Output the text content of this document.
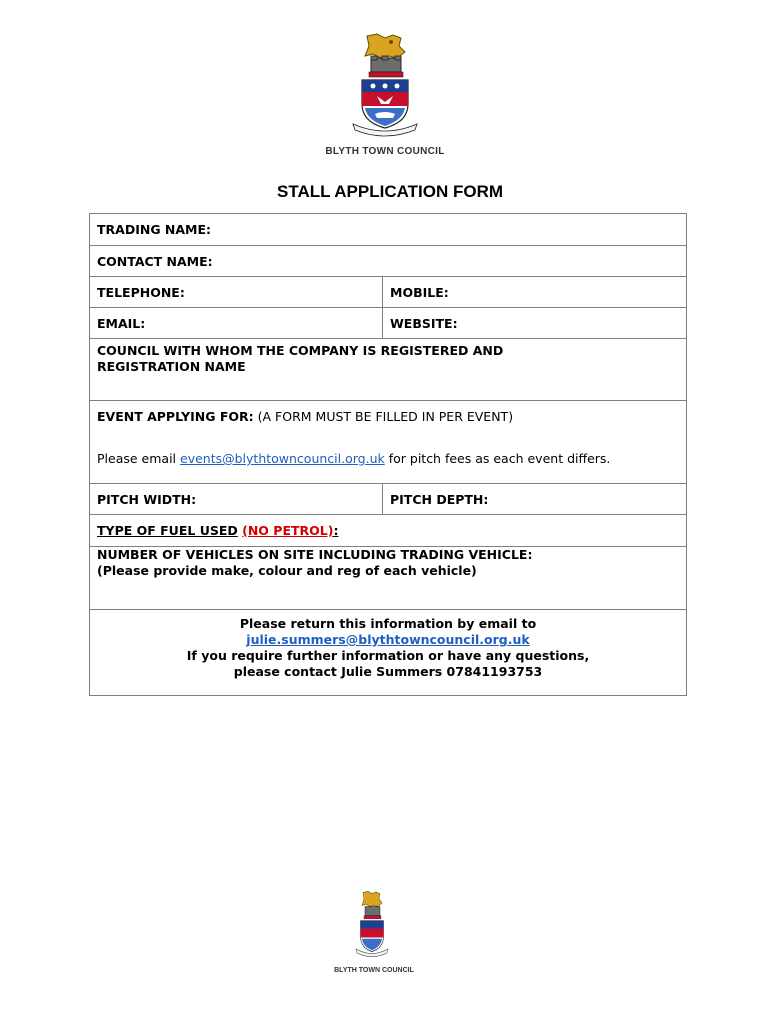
BLYTH TOWN COUNCIL
STALL APPLICATION FORM
TRADING NAME:	
CONTACT NAME:	
TELEPHONE:	MOBILE:
EMAIL:	WEBSITE:

COUNCIL WITH WHOM THE COMPANY IS REGISTERED AND
REGISTRATION NAME	

EVENT APPLYING FOR: (A FORM MUST BE FILLED IN PER EVENT)
Please email events@blythtowncouncil.org.uk for pitch fees as each event differs.	

PITCH WIDTH:	PITCH DEPTH:
TYPE OF FUEL USED (NO PETROL):	

NUMBER OF VEHICLES ON SITE INCLUDING TRADING VEHICLE:
(Please provide make, colour and reg of each vehicle)	

Please return this information by email to
julie.summers@blythtowncouncil.org.uk
If you require further information or have any questions,
please contact Julie Summers 07841193753	
BLYTH TOWN COUNCIL
